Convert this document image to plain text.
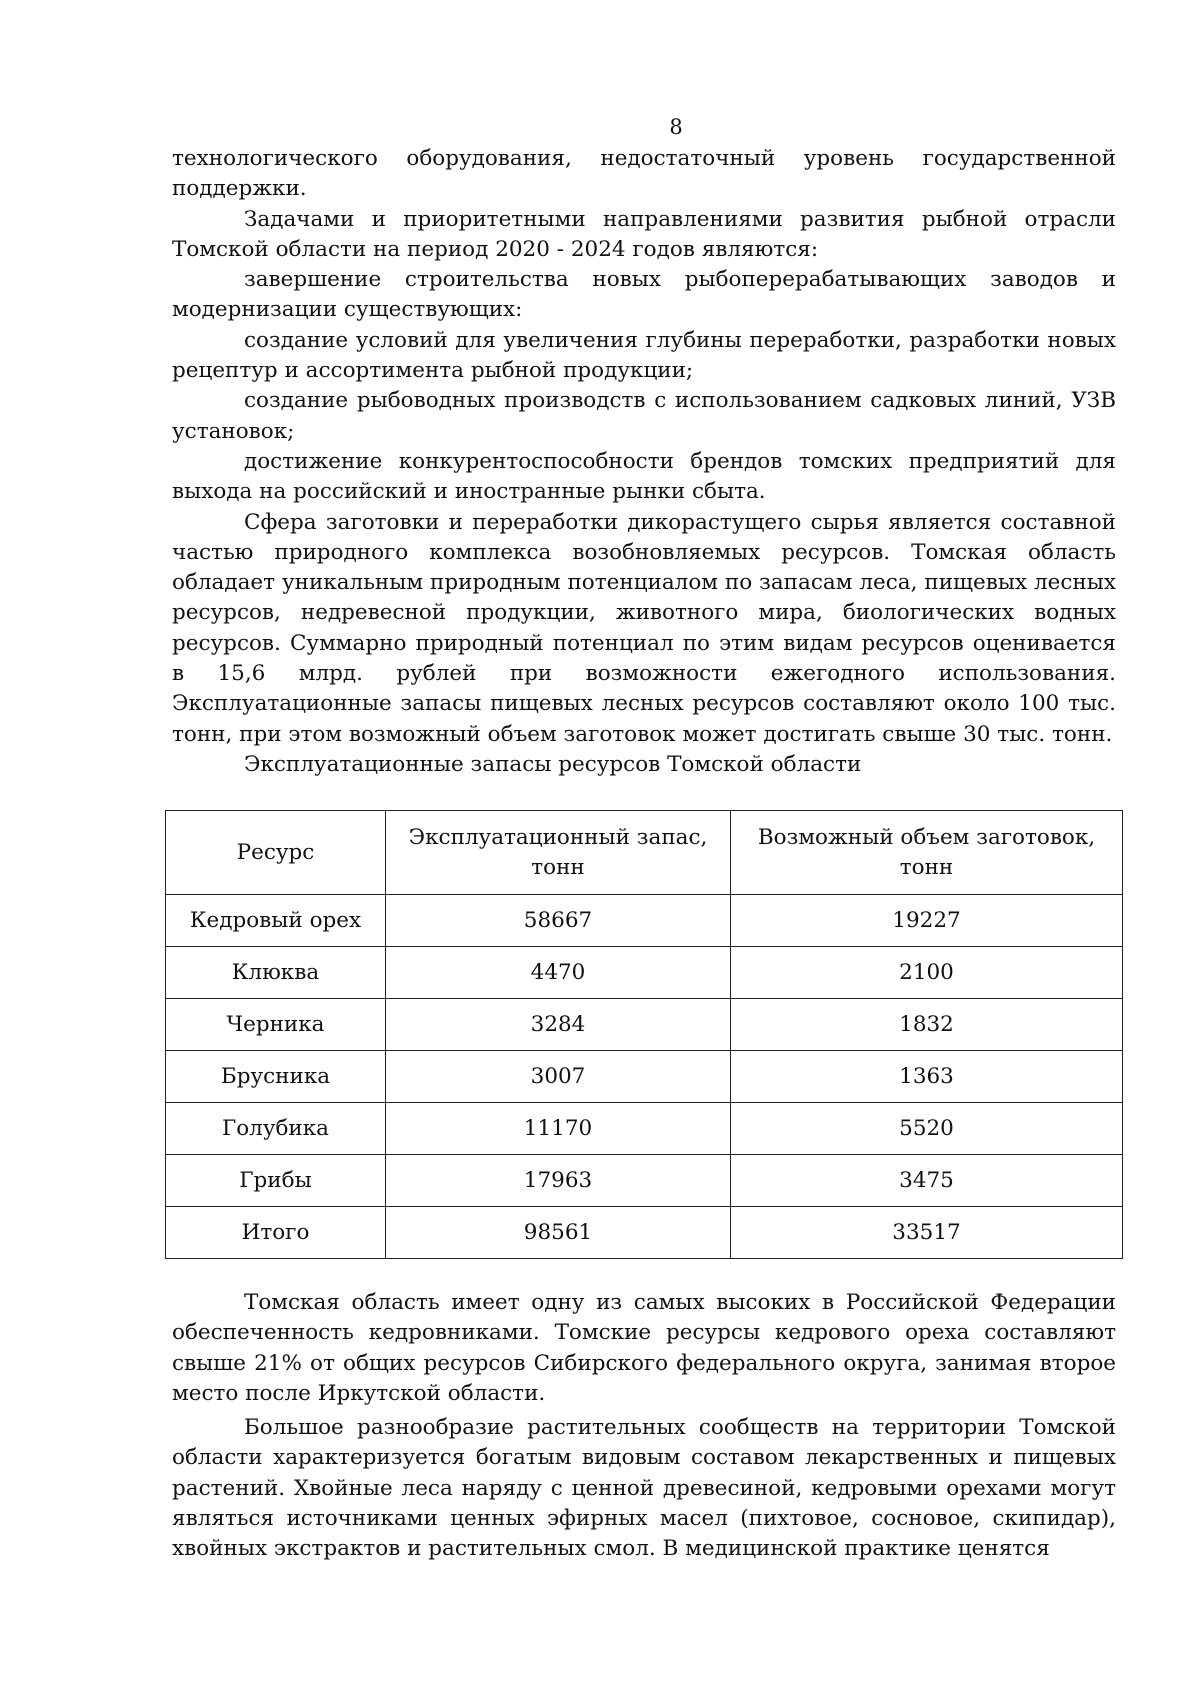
8

технологического оборудования, недостаточный уровень государственной поддержки.

Задачами и приоритетными направлениями развития рыбной отрасли Томской области на период 2020 - 2024 годов являются:

завершение строительства новых рыбоперерабатывающих заводов и модернизации существующих:

создание условий для увеличения глубины переработки, разработки новых рецептур и ассортимента рыбной продукции;

создание рыбоводных производств с использованием садковых линий, УЗВ установок;

достижение конкурентоспособности брендов томских предприятий для выхода на российский и иностранные рынки сбыта.

Сфера заготовки и переработки дикорастущего сырья является составной частью природного комплекса возобновляемых ресурсов. Томская область обладает уникальным природным потенциалом по запасам леса, пищевых лесных ресурсов, недревесной продукции, животного мира, биологических водных ресурсов. Суммарно природный потенциал по этим видам ресурсов оценивается в 15,6 млрд. рублей при возможности ежегодного использования. Эксплуатационные запасы пищевых лесных ресурсов составляют около 100 тыс. тонн, при этом возможный объем заготовок может достигать свыше 30 тыс. тонн.

Эксплуатационные запасы ресурсов Томской области

Ресурс	Эксплуатационный запас, тонн	Возможный объем заготовок, тонн
Кедровый орех	58667	19227
Клюква	4470	2100
Черника	3284	1832
Брусника	3007	1363
Голубика	11170	5520
Грибы	17963	3475
Итого	98561	33517

Томская область имеет одну из самых высоких в Российской Федерации обеспеченность кедровниками. Томские ресурсы кедрового ореха составляют свыше 21% от общих ресурсов Сибирского федерального округа, занимая второе место после Иркутской области.

Большое разнообразие растительных сообществ на территории Томской области характеризуется богатым видовым составом лекарственных и пищевых растений. Хвойные леса наряду с ценной древесиной, кедровыми орехами могут являться источниками ценных эфирных масел (пихтовое, сосновое, скипидар), хвойных экстрактов и растительных смол. В медицинской практике ценятся
